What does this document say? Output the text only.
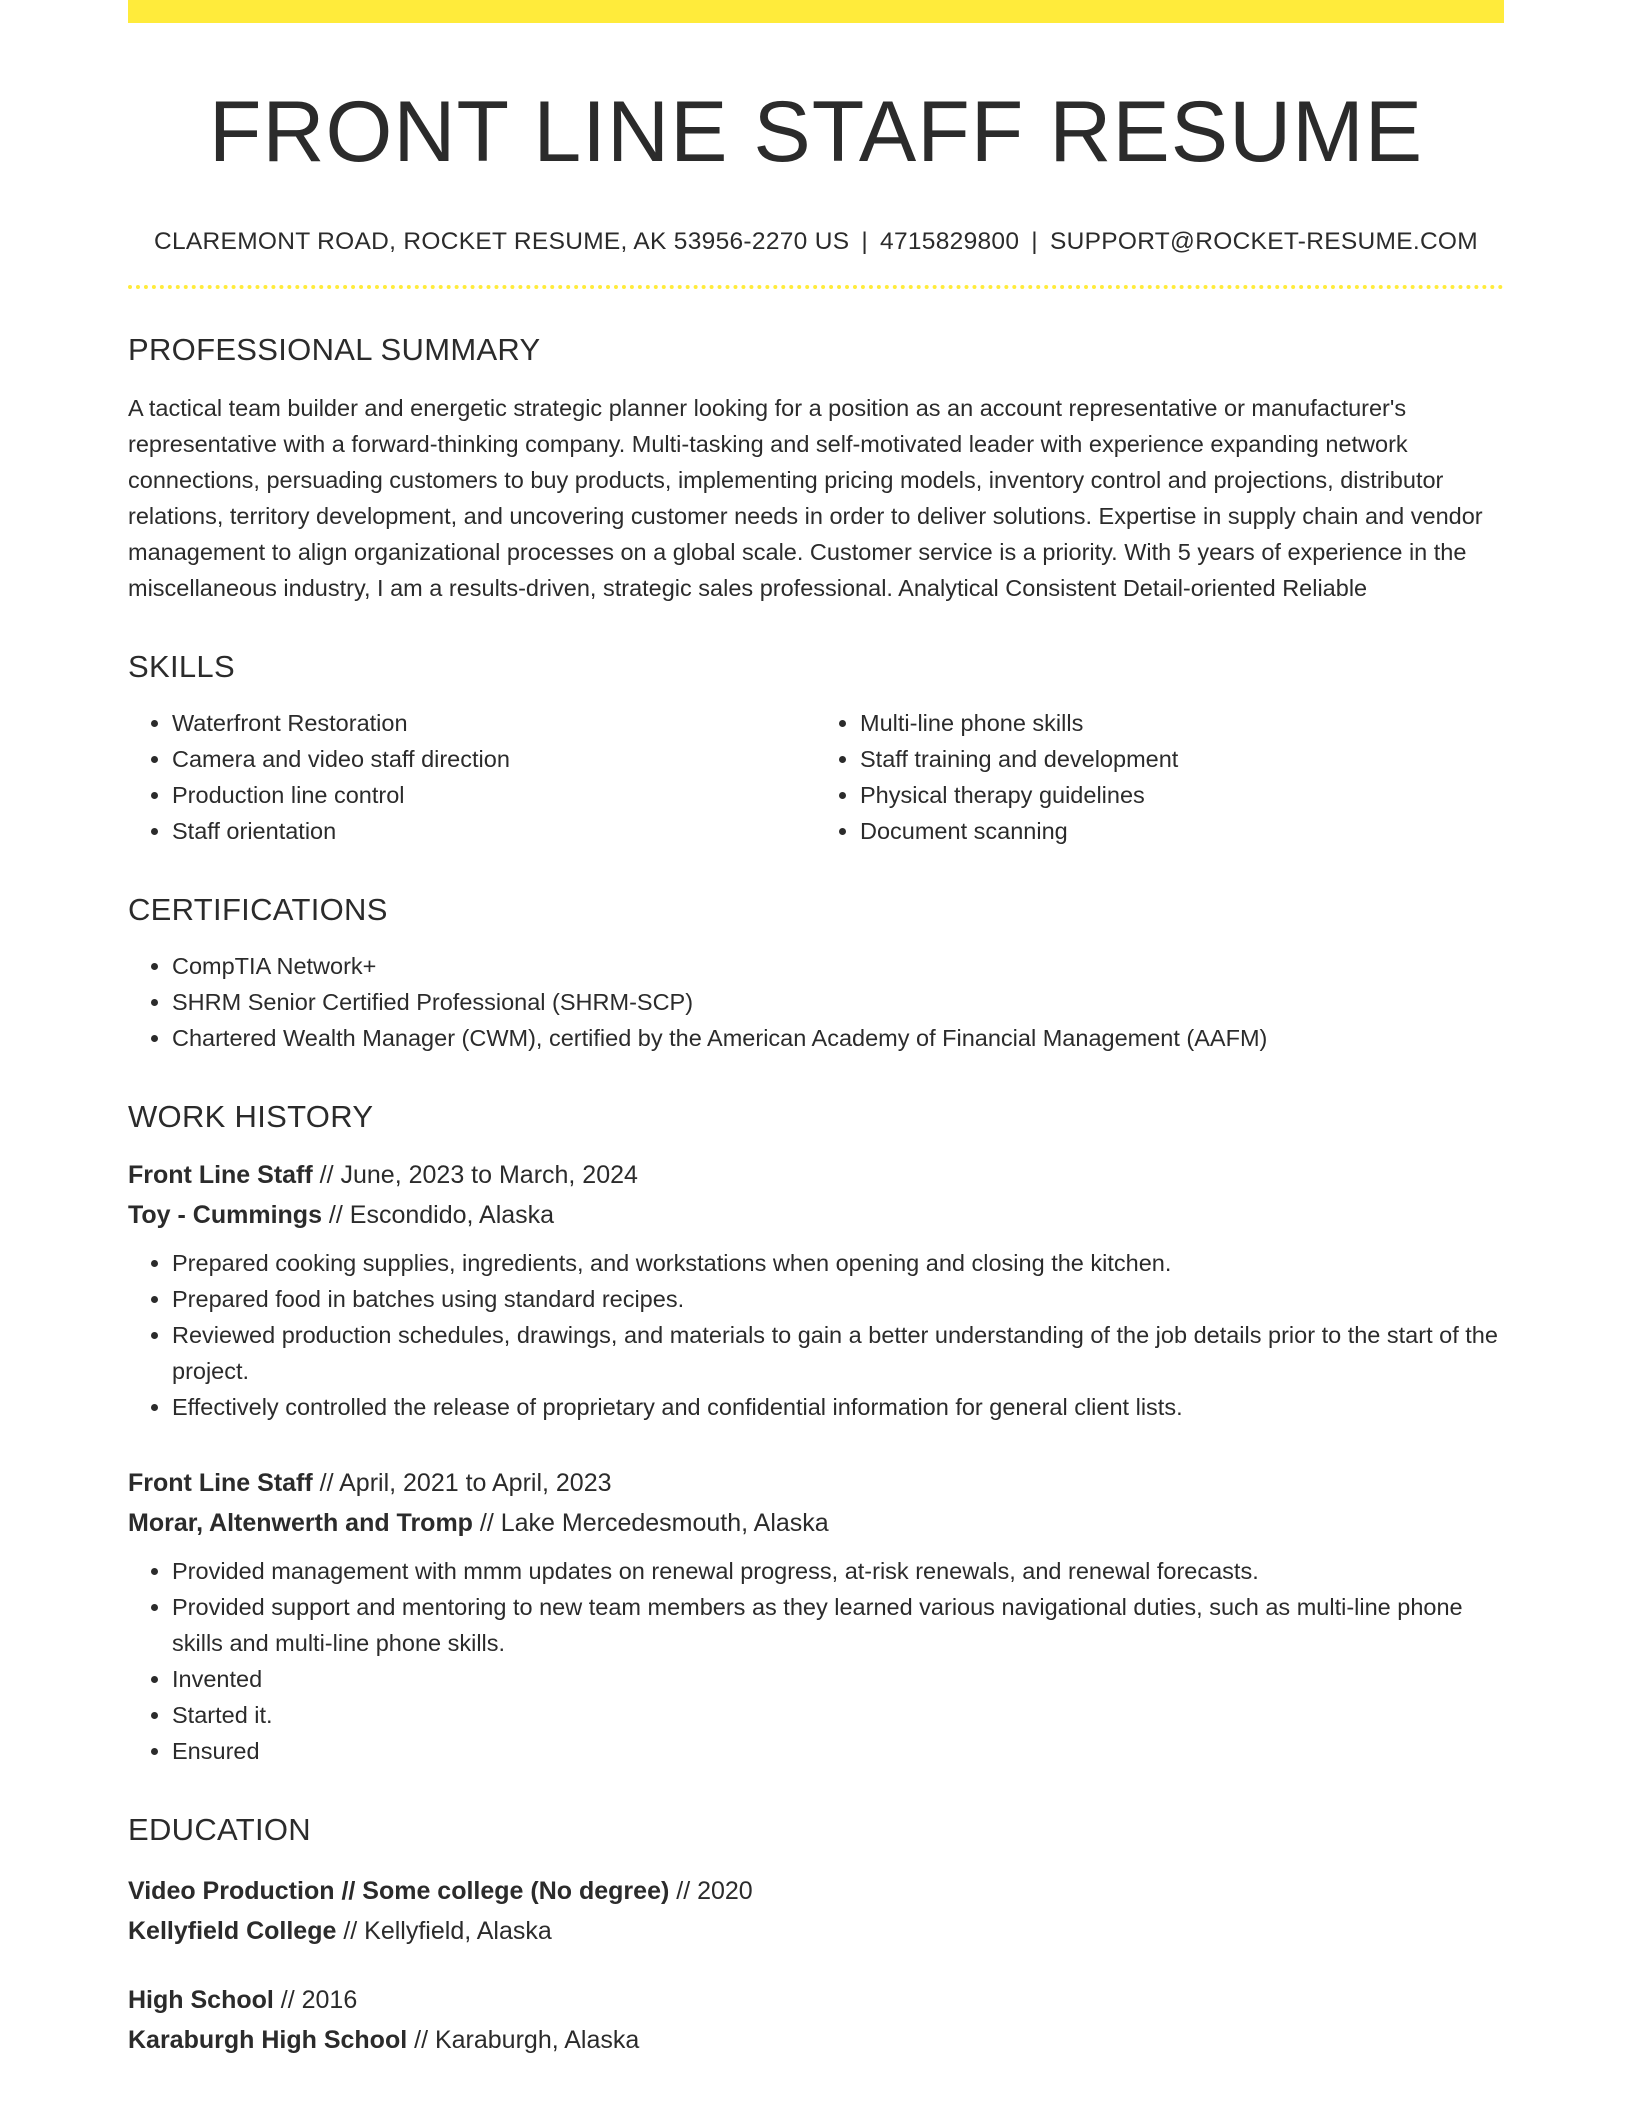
FRONT LINE STAFF RESUME
CLAREMONT ROAD, ROCKET RESUME, AK 53956-2270 US | 4715829800 | SUPPORT@ROCKET-RESUME.COM
PROFESSIONAL SUMMARY

A tactical team builder and energetic strategic planner looking for a position as an account representative or manufacturer's representative with a forward-thinking company. Multi-tasking and self-motivated leader with experience expanding network connections, persuading customers to buy products, implementing pricing models, inventory control and projections, distributor relations, territory development, and uncovering customer needs in order to deliver solutions. Expertise in supply chain and vendor management to align organizational processes on a global scale. Customer service is a priority. With 5 years of experience in the miscellaneous industry, I am a results-driven, strategic sales professional. Analytical Consistent Detail-oriented Reliable

SKILLS
• Waterfront Restoration
• Camera and video staff direction
• Production line control
• Staff orientation
• Multi-line phone skills
• Staff training and development
• Physical therapy guidelines
• Document scanning
CERTIFICATIONS
• CompTIA Network+
• SHRM Senior Certified Professional (SHRM-SCP)
• Chartered Wealth Manager (CWM), certified by the American Academy of Financial Management (AAFM)
WORK HISTORY
Front Line Staff // June, 2023 to March, 2024
Toy - Cummings // Escondido, Alaska
• Prepared cooking supplies, ingredients, and workstations when opening and closing the kitchen.
• Prepared food in batches using standard recipes.
• Reviewed production schedules, drawings, and materials to gain a better understanding of the job details prior to the start of the project.
• Effectively controlled the release of proprietary and confidential information for general client lists.
Front Line Staff // April, 2021 to April, 2023
Morar, Altenwerth and Tromp // Lake Mercedesmouth, Alaska
• Provided management with mmm updates on renewal progress, at-risk renewals, and renewal forecasts.
• Provided support and mentoring to new team members as they learned various navigational duties, such as multi-line phone skills and multi-line phone skills.
• Invented
• Started it.
• Ensured
EDUCATION
Video Production // Some college (No degree) // 2020
Kellyfield College // Kellyfield, Alaska
High School // 2016
Karaburgh High School // Karaburgh, Alaska
